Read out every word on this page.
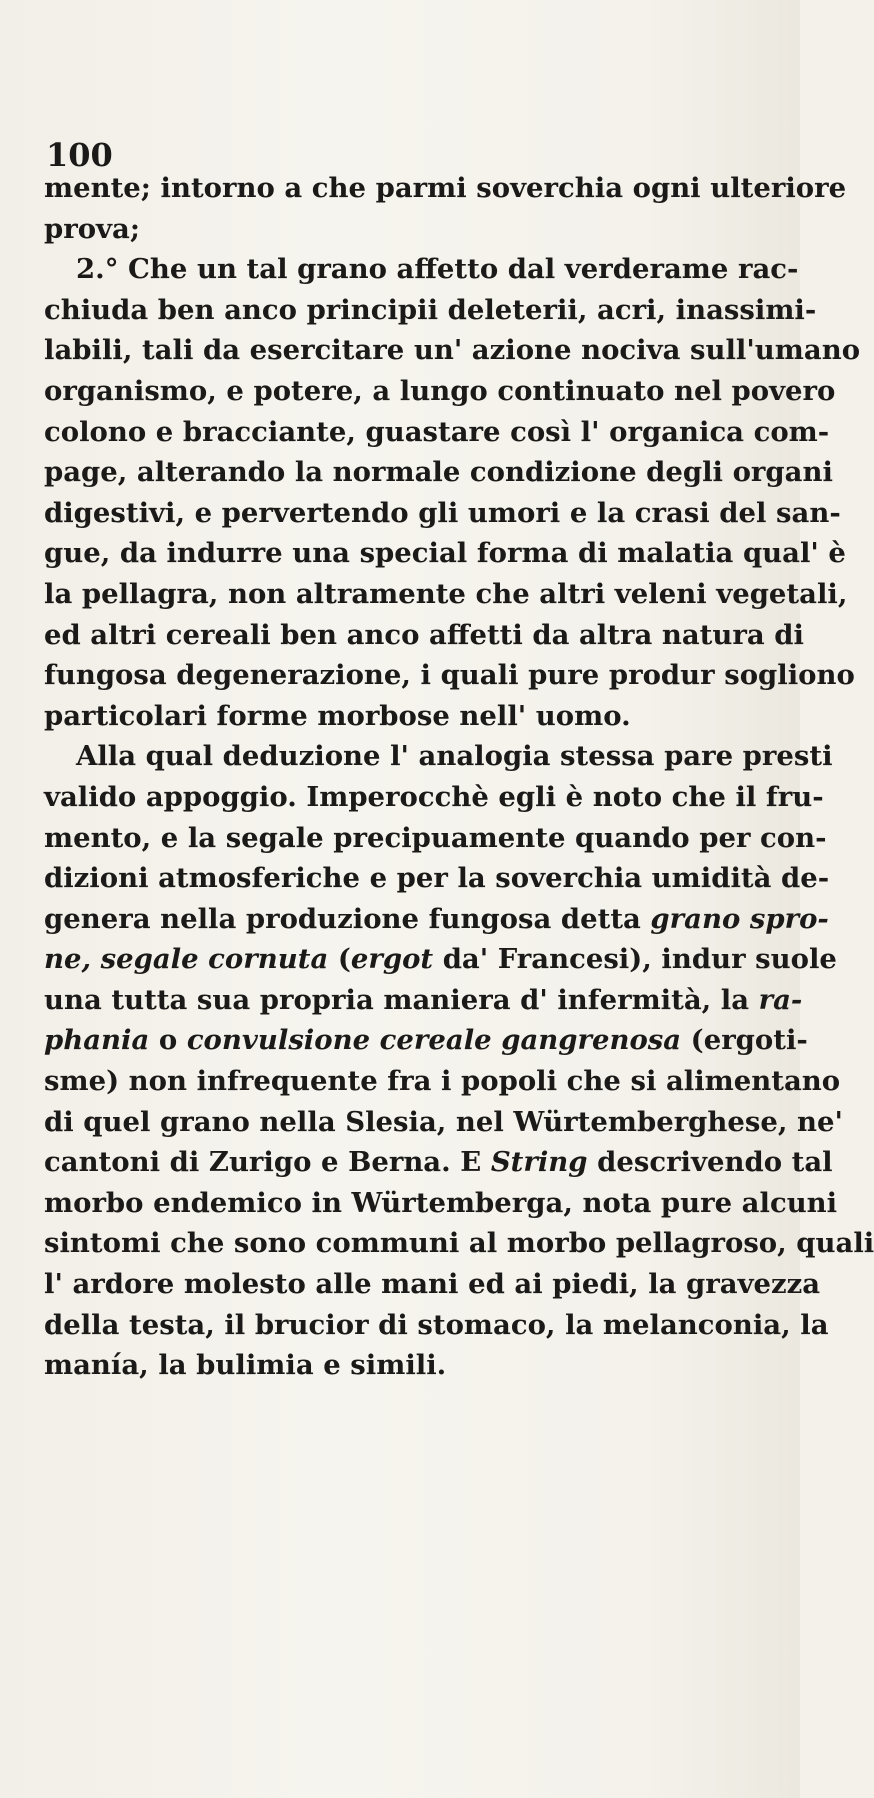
100
mente; intorno a che parmi soverchia ogni ulteriore
prova;
2.° Che un tal grano affetto dal verderame rac-
chiuda ben anco principii deleterii, acri, inassimi-
labili, tali da esercitare un' azione nociva sull'umano
organismo, e potere, a lungo continuato nel povero
colono e bracciante, guastare così l' organica com-
page, alterando la normale condizione degli organi
digestivi, e pervertendo gli umori e la crasi del san-
gue, da indurre una special forma di malatia qual' è
la pellagra, non altramente che altri veleni vegetali,
ed altri cereali ben anco affetti da altra natura di
fungosa degenerazione, i quali pure produr sogliono
particolari forme morbose nell' uomo.
Alla qual deduzione l' analogia stessa pare presti
valido appoggio. Imperocchè egli è noto che il fru-
mento, e la segale precipuamente quando per con-
dizioni atmosferiche e per la soverchia umidità de-
genera nella produzione fungosa detta grano spro-
ne, segale cornuta (ergot da' Francesi), indur suole
una tutta sua propria maniera d' infermità, la ra-
phania o convulsione cereale gangrenosa (ergoti-
sme) non infrequente fra i popoli che si alimentano
di quel grano nella Slesia, nel Würtemberghese, ne'
cantoni di Zurigo e Berna. E String descrivendo tal
morbo endemico in Würtemberga, nota pure alcuni
sintomi che sono communi al morbo pellagroso, quali
l' ardore molesto alle mani ed ai piedi, la gravezza
della testa, il brucior di stomaco, la melanconia, la
manía, la bulimia e simili.
